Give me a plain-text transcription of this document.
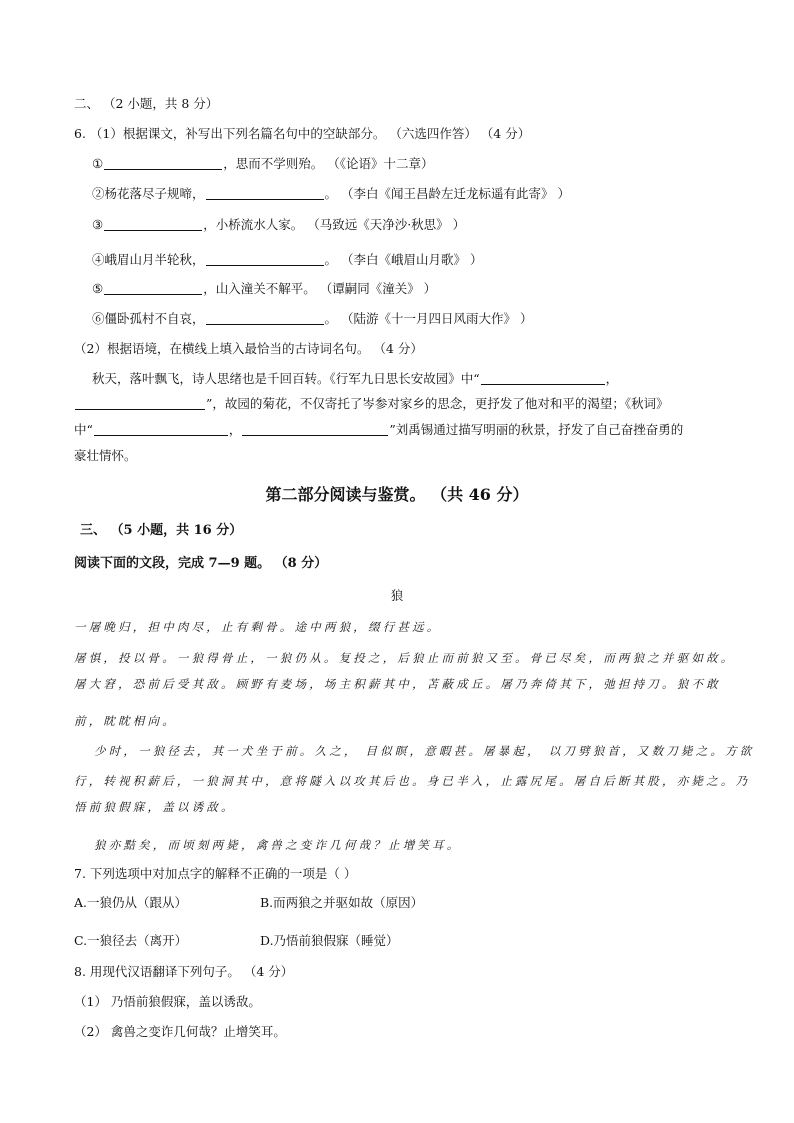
二、 （2 小题，共 8 分）
6. （1）根据课文，补写出下列名篇名句中的空缺部分。 （六选四作答） （4 分）
①	，思而不学则殆。 （《论语》十二章）
②杨花落尽子规啼，	。 （李白《闻王昌龄左迁龙标遥有此寄》 ）
③	，小桥流水人家。 （马致远《天净沙·秋思》 ）
④峨眉山月半轮秋，	。 （李白《峨眉山月歌》 ）
⑤	，山入潼关不解平。 （谭嗣同《潼关》 ）
⑥僵卧孤村不自哀，	。 （陆游《十一月四日风雨大作》 ）
（2）根据语境，在横线上填入最恰当的古诗词名句。 （4 分）
秋天，落叶飘飞，诗人思绪也是千回百转。《行军九日思长安故园》中“	，
”，故园的菊花，不仅寄托了岑参对家乡的思念，更抒发了他对和平的渴望；《秋词》
中“	，	”刘禹锡通过描写明丽的秋景，抒发了自己奋挫奋勇的
豪壮情怀。
第二部分阅读与鉴赏。 （共 46 分）
三、 （5 小题，共 16 分）
阅读下面的文段，完成 7—9 题。 （8 分）
狼
一屠晚归，担中肉尽，止有剩骨。途中两狼，缀行甚远。
屠惧，投以骨。一狼得骨止，一狼仍从。复投之，后狼止而前狼又至。骨已尽矣，而两狼之并驱如故。
屠大窘，恐前后受其敌。顾野有麦场，场主积薪其中，苫蔽成丘。屠乃奔倚其下，弛担持刀。狼不敢
前，眈眈相向。
少时，一狼径去，其一犬坐于前。久之， 目似瞑，意暇甚。屠暴起， 以刀劈狼首，又数刀毙之。方欲
行，转视积薪后，一狼洞其中，意将隧入以攻其后也。身已半入，止露尻尾。屠自后断其股，亦毙之。乃
悟前狼假寐，盖以诱敌。
狼亦黠矣，而顷刻两毙，禽兽之变诈几何哉？止增笑耳。
7. 下列选项中对加点字的解释不正确的一项是（ ）
A.一狼仍从（跟从）	B.而两狼之并驱如故（原因）
C.一狼径去（离开）	D.乃悟前狼假寐（睡觉）
8. 用现代汉语翻译下列句子。 （4 分）
（1） 乃悟前狼假寐，盖以诱敌。
（2） 禽兽之变诈几何哉？止增笑耳。
